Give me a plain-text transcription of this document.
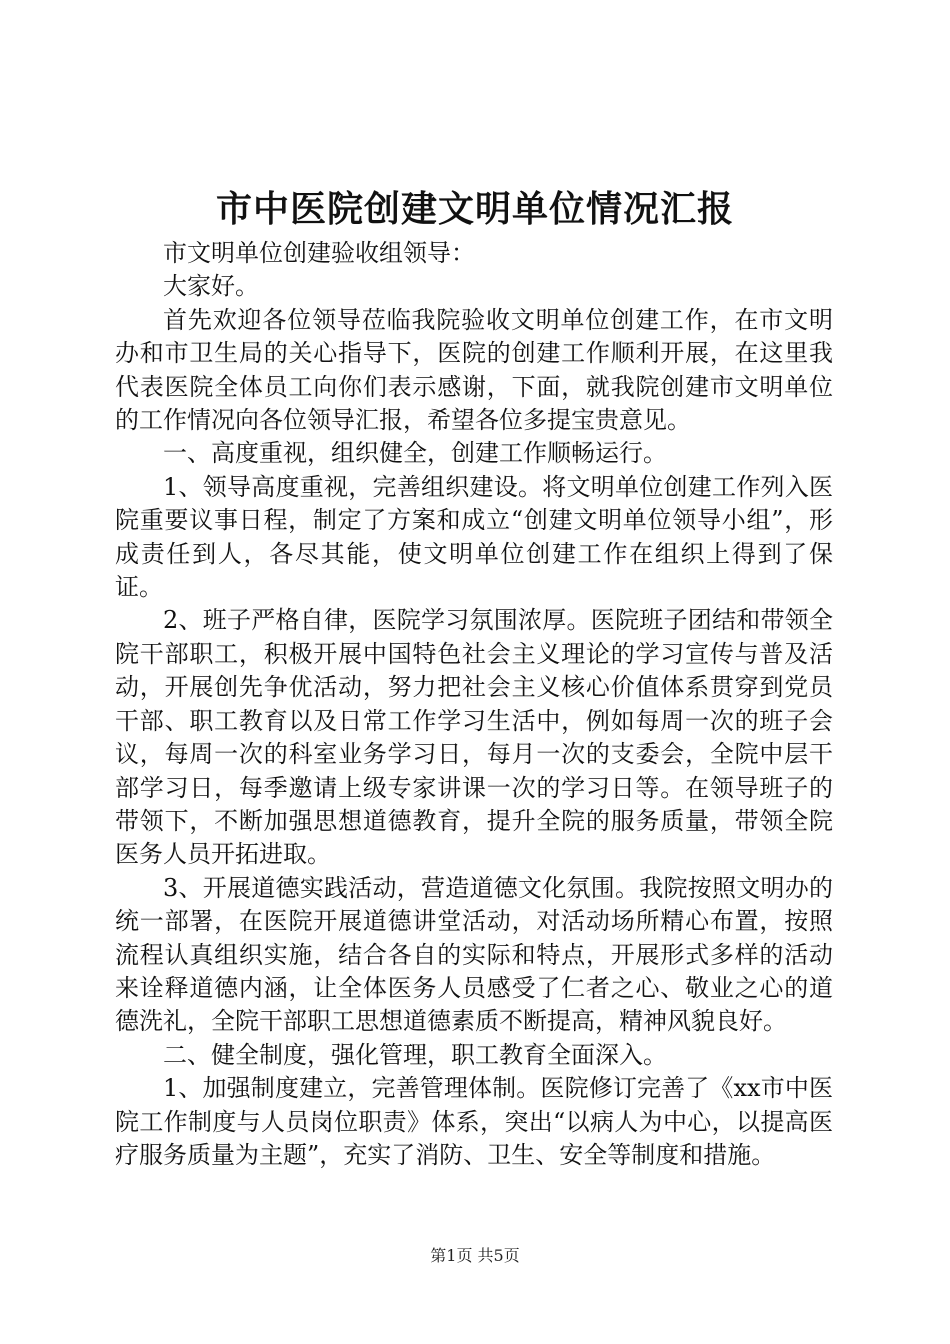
市中医院创建文明单位情况汇报

市文明单位创建验收组领导：

大家好。

首先欢迎各位领导莅临我院验收文明单位创建工作，在市文明办和市卫生局的关心指导下，医院的创建工作顺利开展，在这里我代表医院全体员工向你们表示感谢，下面，就我院创建市文明单位的工作情况向各位领导汇报，希望各位多提宝贵意见。

一、高度重视，组织健全，创建工作顺畅运行。

1、领导高度重视，完善组织建设。将文明单位创建工作列入医院重要议事日程，制定了方案和成立“创建文明单位领导小组”，形成责任到人，各尽其能，使文明单位创建工作在组织上得到了保证。

2、班子严格自律，医院学习氛围浓厚。医院班子团结和带领全院干部职工，积极开展中国特色社会主义理论的学习宣传与普及活动，开展创先争优活动，努力把社会主义核心价值体系贯穿到党员干部、职工教育以及日常工作学习生活中，例如每周一次的班子会议，每周一次的科室业务学习日，每月一次的支委会，全院中层干部学习日，每季邀请上级专家讲课一次的学习日等。在领导班子的带领下，不断加强思想道德教育，提升全院的服务质量，带领全院医务人员开拓进取。

3、开展道德实践活动，营造道德文化氛围。我院按照文明办的统一部署，在医院开展道德讲堂活动，对活动场所精心布置，按照流程认真组织实施，结合各自的实际和特点，开展形式多样的活动来诠释道德内涵，让全体医务人员感受了仁者之心、敬业之心的道德洗礼，全院干部职工思想道德素质不断提高，精神风貌良好。

二、健全制度，强化管理，职工教育全面深入。

1、加强制度建立，完善管理体制。医院修订完善了《xx市中医院工作制度与人员岗位职责》体系，突出“以病人为中心，以提高医疗服务质量为主题”，充实了消防、卫生、安全等制度和措施。

第1页 共5页
